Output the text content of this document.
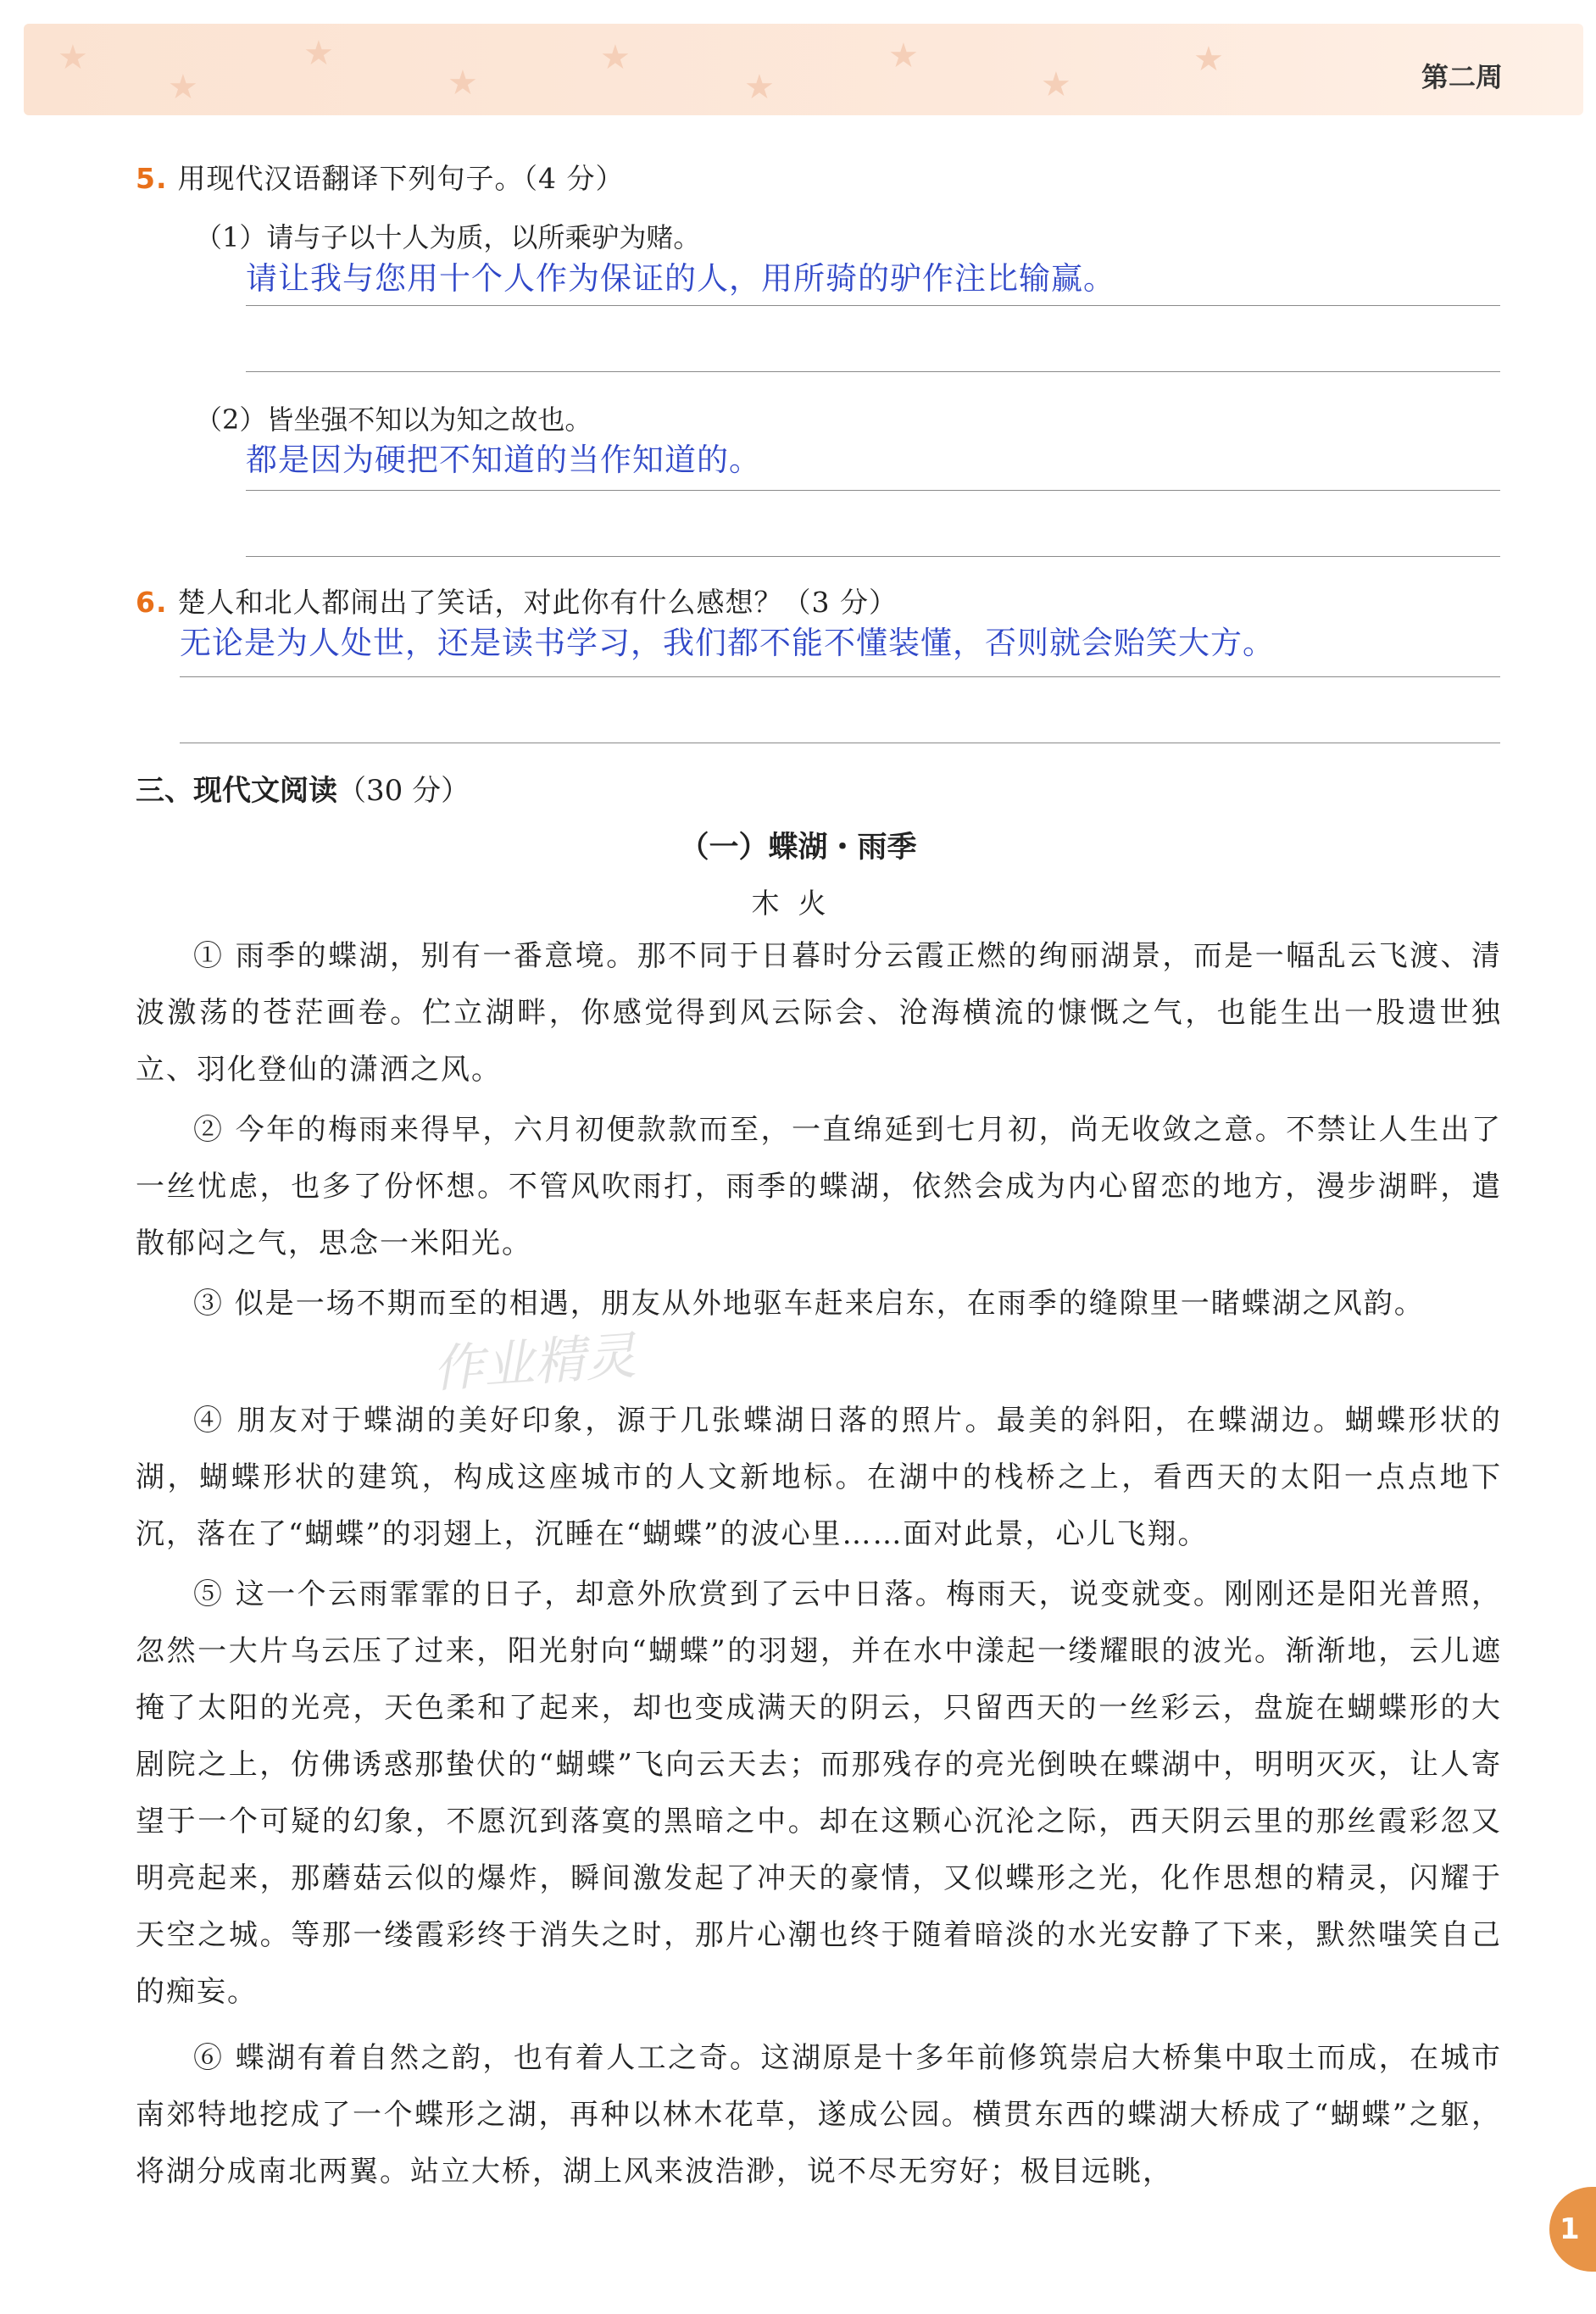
★
★
★
★
★
★
★
★
★	第二周
5. 用现代汉语翻译下列句子。（4 分）
（1）请与子以十人为质，以所乘驴为赌。
请让我与您用十个人作为保证的人，用所骑的驴作注比输赢。
（2）皆坐强不知以为知之故也。
都是因为硬把不知道的当作知道的。
6. 楚人和北人都闹出了笑话，对此你有什么感想？（3 分）
无论是为人处世，还是读书学习，我们都不能不懂装懂，否则就会贻笑大方。
三、现代文阅读（30 分）
（一）蝶湖・雨季
木火
① 雨季的蝶湖，别有一番意境。那不同于日暮时分云霞正燃的绚丽湖景，而是一幅乱云飞渡、清波激荡的苍茫画卷。伫立湖畔，你感觉得到风云际会、沧海横流的慷慨之气，也能生出一股遗世独立、羽化登仙的潇洒之风。
② 今年的梅雨来得早，六月初便款款而至，一直绵延到七月初，尚无收敛之意。不禁让人生出了一丝忧虑，也多了份怀想。不管风吹雨打，雨季的蝶湖，依然会成为内心留恋的地方，漫步湖畔，遣散郁闷之气，思念一米阳光。
③ 似是一场不期而至的相遇，朋友从外地驱车赶来启东，在雨季的缝隙里一睹蝶湖之风韵。
④ 朋友对于蝶湖的美好印象，源于几张蝶湖日落的照片。最美的斜阳，在蝶湖边。蝴蝶形状的湖，蝴蝶形状的建筑，构成这座城市的人文新地标。在湖中的栈桥之上，看西天的太阳一点点地下沉，落在了“蝴蝶”的羽翅上，沉睡在“蝴蝶”的波心里……面对此景，心儿飞翔。
⑤ 这一个云雨霏霏的日子，却意外欣赏到了云中日落。梅雨天，说变就变。刚刚还是阳光普照，忽然一大片乌云压了过来，阳光射向“蝴蝶”的羽翅，并在水中漾起一缕耀眼的波光。渐渐地，云儿遮掩了太阳的光亮，天色柔和了起来，却也变成满天的阴云，只留西天的一丝彩云，盘旋在蝴蝶形的大剧院之上，仿佛诱惑那蛰伏的“蝴蝶”飞向云天去；而那残存的亮光倒映在蝶湖中，明明灭灭，让人寄望于一个可疑的幻象，不愿沉到落寞的黑暗之中。却在这颗心沉沦之际，西天阴云里的那丝霞彩忽又明亮起来，那蘑菇云似的爆炸，瞬间激发起了冲天的豪情，又似蝶形之光，化作思想的精灵，闪耀于天空之城。等那一缕霞彩终于消失之时，那片心潮也终于随着暗淡的水光安静了下来，默然嗤笑自己的痴妄。
⑥ 蝶湖有着自然之韵，也有着人工之奇。这湖原是十多年前修筑崇启大桥集中取土而成，在城市南郊特地挖成了一个蝶形之湖，再种以林木花草，遂成公园。横贯东西的蝶湖大桥成了“蝴蝶”之躯，将湖分成南北两翼。站立大桥，湖上风来波浩渺，说不尽无穷好；极目远眺，
作业精灵
1
